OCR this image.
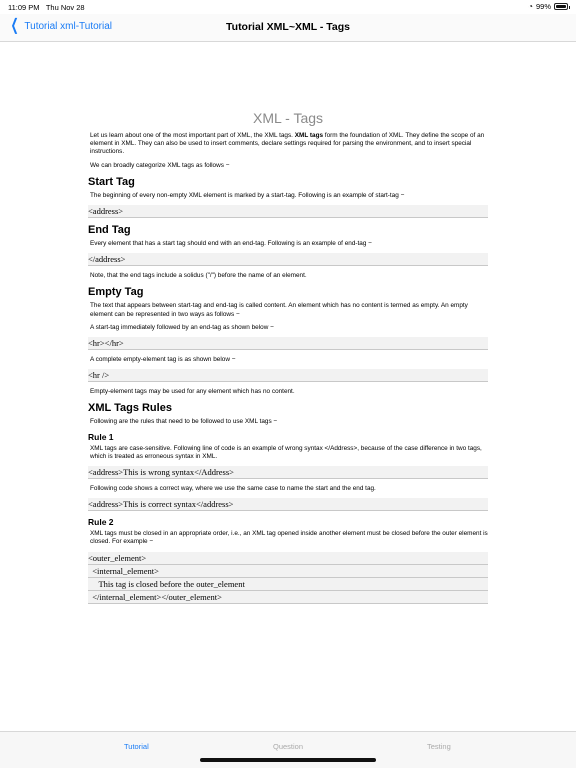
11:09 PM Thu Nov 28	◔ 99%
❮ Tutorial xml-Tutorial	Tutorial XML~XML - Tags
XML - Tags

Let us learn about one of the most important part of XML, the XML tags. XML tags form the foundation of XML. They define the scope of an element in XML. They can also be used to insert comments, declare settings required for parsing the environment, and to insert special instructions.

We can broadly categorize XML tags as follows −

Start Tag

The beginning of every non-empty XML element is marked by a start-tag. Following is an example of start-tag −

<address>
End Tag

Every element that has a start tag should end with an end-tag. Following is an example of end-tag −

</address>

Note, that the end tags include a solidus ("/") before the name of an element.

Empty Tag

The text that appears between start-tag and end-tag is called content. An element which has no content is termed as empty. An empty element can be represented in two ways as follows −

A start-tag immediately followed by an end-tag as shown below −

<hr></hr>

A complete empty-element tag is as shown below −

<hr />

Empty-element tags may be used for any element which has no content.

XML Tags Rules

Following are the rules that need to be followed to use XML tags −

Rule 1

XML tags are case-sensitive. Following line of code is an example of wrong syntax </Address>, because of the case difference in two tags, which is treated as erroneous syntax in XML.

<address>This is wrong syntax</Address>

Following code shows a correct way, where we use the same case to name the start and the end tag.

<address>This is correct syntax</address>
Rule 2

XML tags must be closed in an appropriate order, i.e., an XML tag opened inside another element must be closed before the outer element is closed. For example −

<outer_element>
<internal_element>
This tag is closed before the outer_element
</internal_element></outer_element>
Tutorial	Question	Testing
